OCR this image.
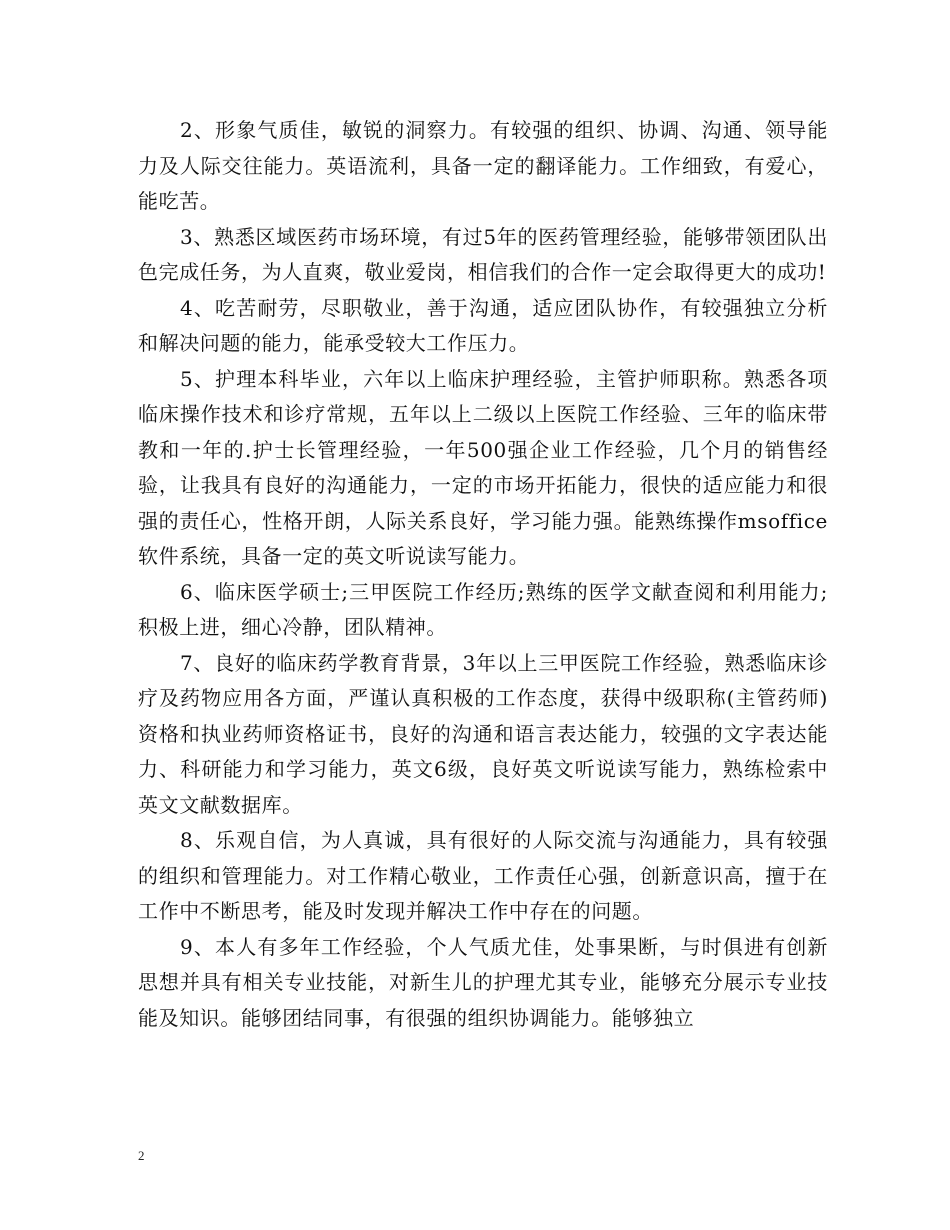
2、形象气质佳，敏锐的洞察力。有较强的组织、协调、沟通、领导能力及人际交往能力。英语流利，具备一定的翻译能力。工作细致，有爱心，能吃苦。

3、熟悉区域医药市场环境，有过5年的医药管理经验，能够带领团队出色完成任务，为人直爽，敬业爱岗，相信我们的合作一定会取得更大的成功!

4、吃苦耐劳，尽职敬业，善于沟通，适应团队协作，有较强独立分析和解决问题的能力，能承受较大工作压力。

5、护理本科毕业，六年以上临床护理经验，主管护师职称。熟悉各项临床操作技术和诊疗常规，五年以上二级以上医院工作经验、三年的临床带教和一年的.护士长管理经验，一年500强企业工作经验，几个月的销售经验，让我具有良好的沟通能力，一定的市场开拓能力，很快的适应能力和很强的责任心，性格开朗，人际关系良好，学习能力强。能熟练操作msoffice软件系统，具备一定的英文听说读写能力。

6、临床医学硕士;三甲医院工作经历;熟练的医学文献查阅和利用能力;积极上进，细心冷静，团队精神。

7、良好的临床药学教育背景，3年以上三甲医院工作经验，熟悉临床诊疗及药物应用各方面，严谨认真积极的工作态度，获得中级职称(主管药师)资格和执业药师资格证书，良好的沟通和语言表达能力，较强的文字表达能力、科研能力和学习能力，英文6级，良好英文听说读写能力，熟练检索中英文文献数据库。

8、乐观自信，为人真诚，具有很好的人际交流与沟通能力，具有较强的组织和管理能力。对工作精心敬业，工作责任心强，创新意识高，擅于在工作中不断思考，能及时发现并解决工作中存在的问题。

9、本人有多年工作经验，个人气质尤佳，处事果断，与时俱进有创新思想并具有相关专业技能，对新生儿的护理尤其专业，能够充分展示专业技能及知识。能够团结同事，有很强的组织协调能力。能够独立

2
